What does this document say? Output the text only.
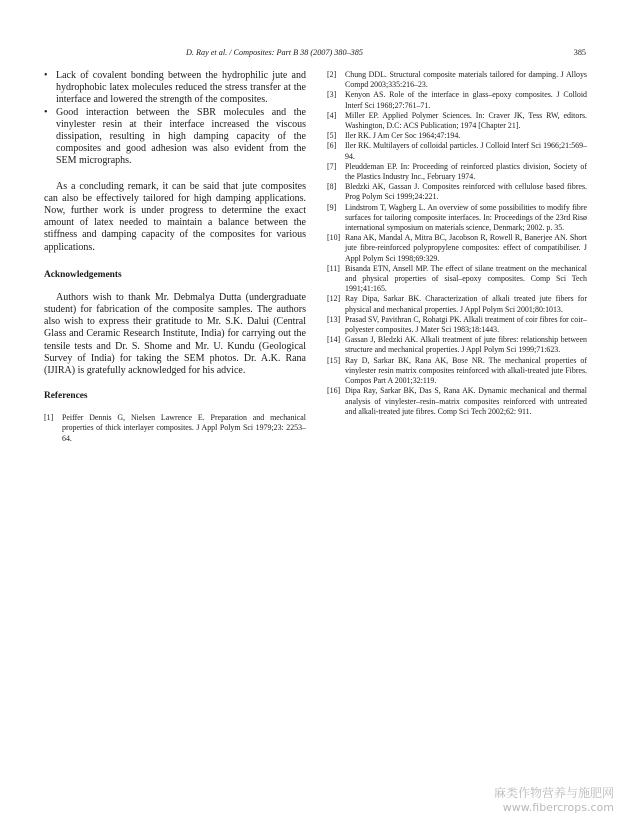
D. Ray et al. / Composites: Part B 38 (2007) 380–385	385
• Lack of covalent bonding between the hydrophilic jute and hydrophobic latex molecules reduced the stress transfer at the interface and lowered the strength of the composites.
• Good interaction between the SBR molecules and the vinylester resin at their interface increased the viscous dissipation, resulting in high damping capacity of the composites and good adhesion was also evident from the SEM micrographs.

As a concluding remark, it can be said that jute composites can also be effectively tailored for high damping applications. Now, further work is under progress to determine the exact amount of latex needed to maintain a balance between the stiffness and damping capacity of the composites for various applications.

Acknowledgements

Authors wish to thank Mr. Debmalya Dutta (undergraduate student) for fabrication of the composite samples. The authors also wish to express their gratitude to Mr. S.K. Dalui (Central Glass and Ceramic Research Institute, India) for carrying out the tensile tests and Dr. S. Shome and Mr. U. Kundu (Geological Survey of India) for taking the SEM photos. Dr. A.K. Rana (IJIRA) is gratefully acknowledged for his advice.

References
[1]	Peiffer Dennis G, Nielsen Lawrence E. Preparation and mechanical properties of thick interlayer composites. J Appl Polym Sci 1979;23: 2253–64.
[2]	Chung DDL. Structural composite materials tailored for damping. J Alloys Compd 2003;335:216–23.
[3]	Kenyon AS. Role of the interface in glass–epoxy composites. J Colloid Interf Sci 1968;27:761–71.
[4]	Miller EP. Applied Polymer Sciences. In: Craver JK, Tess RW, editors. Washington, D.C: ACS Publication; 1974 [Chapter 21].
[5]	Iler RK. J Am Cer Soc 1964;47:194.
[6]	Iler RK. Multilayers of colloidal particles. J Colloid Interf Sci 1966;21:569–94.
[7]	Pleuddeman EP. In: Proceeding of reinforced plastics division, Society of the Plastics Industry Inc., February 1974.
[8]	Bledzki AK, Gassan J. Composites reinforced with cellulose based fibres. Prog Polym Sci 1999;24:221.
[9]	Lindstrom T, Wagberg L. An overview of some possibilities to modify fibre surfaces for tailoring composite interfaces. In: Proceedings of the 23rd Risø international symposium on materials science, Denmark; 2002. p. 35.
[10] Rana AK, Mandal A, Mitra BC, Jacobson R, Rowell R, Banerjee AN. Short jute fibre-reinforced polypropylene composites: effect of compatibiliser. J Appl Polym Sci 1998;69:329.
[11] Bisanda ETN, Ansell MP. The effect of silane treatment on the mechanical and physical properties of sisal–epoxy composites. Comp Sci Tech 1991;41:165.
[12] Ray Dipa, Sarkar BK. Characterization of alkali treated jute fibers for physical and mechanical properties. J Appl Polym Sci 2001;80:1013.
[13] Prasad SV, Pavithran C, Rohatgi PK. Alkali treatment of coir fibres for coir–polyester composites. J Mater Sci 1983;18:1443.
[14] Gassan J, Bledzki AK. Alkali treatment of jute fibres: relationship between structure and mechanical properties. J Appl Polym Sci 1999;71:623.
[15] Ray D, Sarkar BK, Rana AK, Bose NR. The mechanical properties of vinylester resin matrix composites reinforced with alkali-treated jute Fibres. Compos Part A 2001;32:119.
[16] Dipa Ray, Sarkar BK, Das S, Rana AK. Dynamic mechanical and thermal analysis of vinylester–resin–matrix composites reinforced with untreated and alkali-treated jute fibres. Comp Sci Tech 2002;62: 911.
麻类作物营养与施肥网
www.fibercrops.com
